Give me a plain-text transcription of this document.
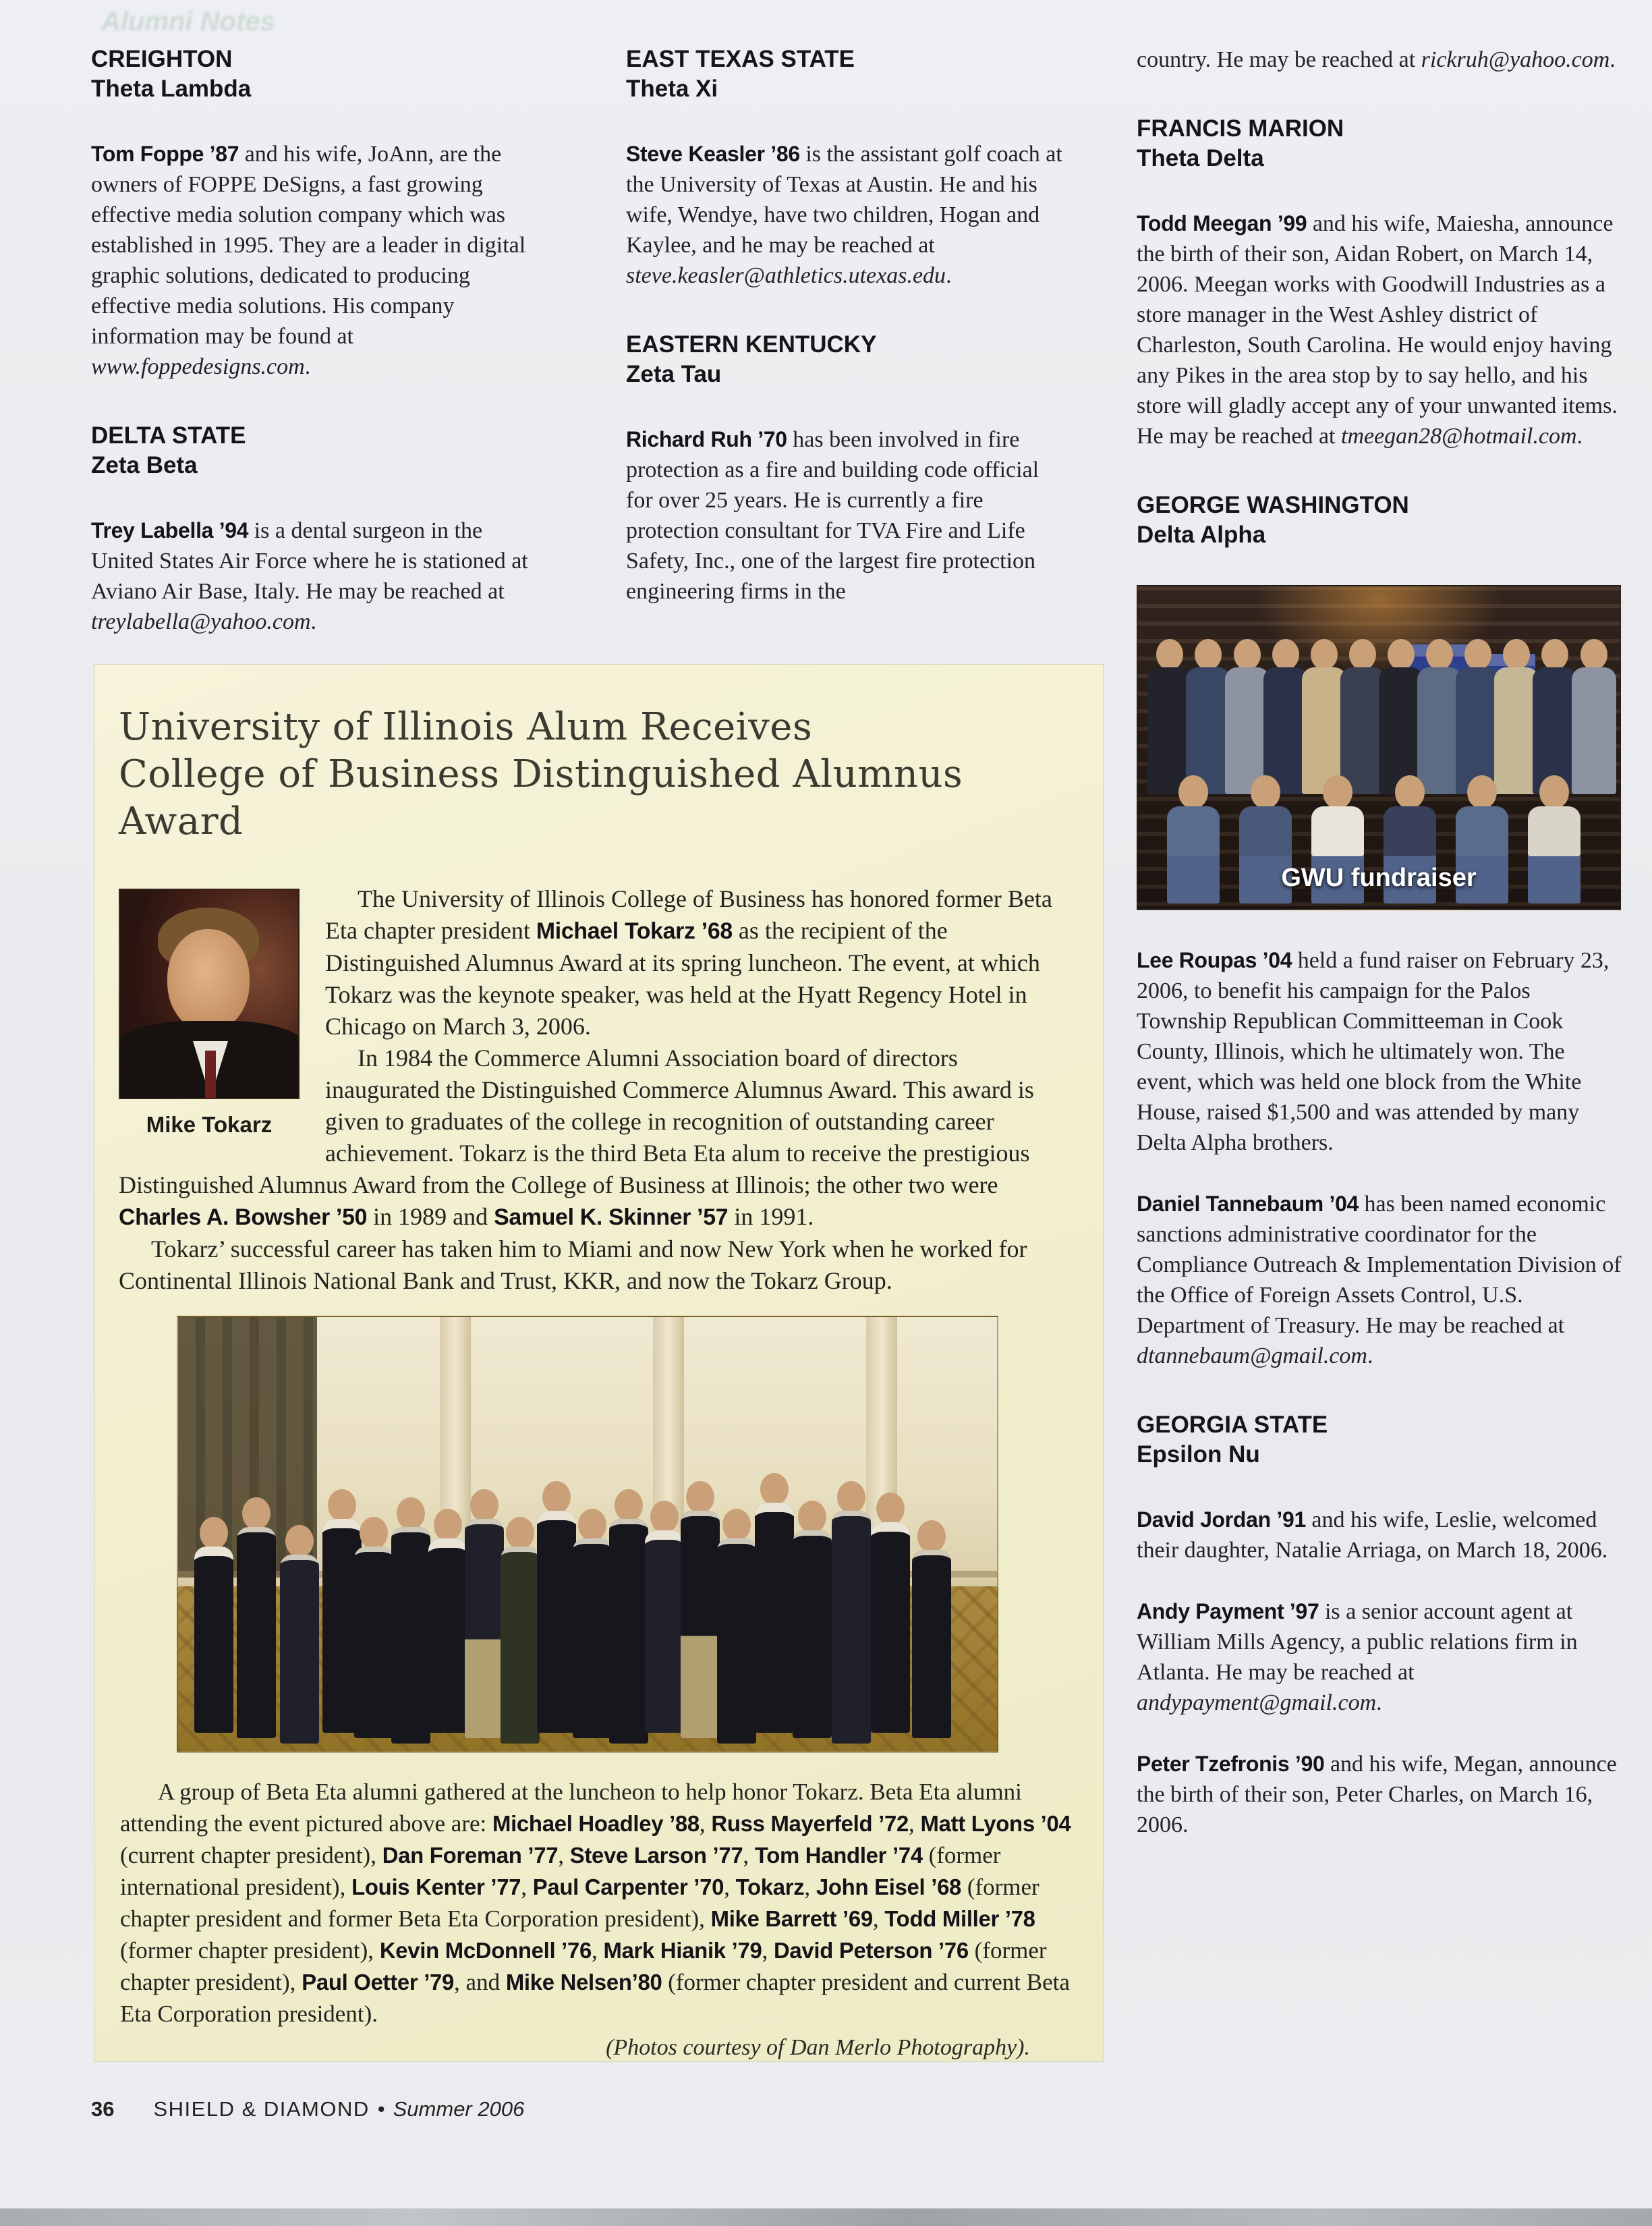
Alumni Notes
CREIGHTON
Theta Lambda

Tom Foppe ’87 and his wife, JoAnn, are the owners of FOPPE DeSigns, a fast growing effective media solution company which was established in 1995. They are a leader in digital graphic solutions, dedicated to producing effective media solutions. His company information may be found at www.foppedesigns.com.

DELTA STATE
Zeta Beta

Trey Labella ’94 is a dental surgeon in the United States Air Force where he is stationed at Aviano Air Base, Italy. He may be reached at treylabella@yahoo.com.

EAST TEXAS STATE
Theta Xi

Steve Keasler ’86 is the assistant golf coach at the University of Texas at Austin. He and his wife, Wendye, have two children, Hogan and Kaylee, and he may be reached at steve.keasler@athletics.utexas.edu.

EASTERN KENTUCKY
Zeta Tau

Richard Ruh ’70 has been involved in fire protection as a fire and building code official for over 25 years. He is currently a fire protection consultant for TVA Fire and Life Safety, Inc., one of the largest fire protection engineering firms in the

country. He may be reached at rickruh@yahoo.com.

FRANCIS MARION
Theta Delta

Todd Meegan ’99 and his wife, Maiesha, announce the birth of their son, Aidan Robert, on March 14, 2006. Meegan works with Goodwill Industries as a store manager in the West Ashley district of Charleston, South Carolina. He would enjoy having any Pikes in the area stop by to say hello, and his store will gladly accept any of your unwanted items. He may be reached at tmeegan28@hotmail.com.

GEORGE WASHINGTON
Delta Alpha
GWU fundraiser

Lee Roupas ’04 held a fund raiser on February 23, 2006, to benefit his campaign for the Palos Township Republican Committeeman in Cook County, Illinois, which he ultimately won. The event, which was held one block from the White House, raised $1,500 and was attended by many Delta Alpha brothers.

Daniel Tannebaum ’04 has been named economic sanctions administrative coordinator for the Compliance Outreach & Implementation Division of the Office of Foreign Assets Control, U.S. Department of Treasury. He may be reached at dtannebaum@gmail.com.

GEORGIA STATE
Epsilon Nu

David Jordan ’91 and his wife, Leslie, welcomed their daughter, Natalie Arriaga, on March 18, 2006.

Andy Payment ’97 is a senior account agent at William Mills Agency, a public relations firm in Atlanta. He may be reached at andypayment@gmail.com.

Peter Tzefronis ’90 and his wife, Megan, announce the birth of their son, Peter Charles, on March 16, 2006.

University of Illinois Alum Receives
College of Business Distinguished Alumnus Award
Mike Tokarz

The University of Illinois College of Business has honored former Beta Eta chapter president Michael Tokarz ’68 as the recipient of the Distinguished Alumnus Award at its spring luncheon. The event, at which Tokarz was the keynote speaker, was held at the Hyatt Regency Hotel in Chicago on March 3, 2006.

In 1984 the Commerce Alumni Association board of directors inaugurated the Distinguished Commerce Alumnus Award. This award is given to graduates of the college in recognition of outstanding career achievement. Tokarz is the third Beta Eta alum to receive the prestigious Distinguished Alumnus Award from the College of Business at Illinois; the other two were Charles A. Bowsher ’50 in 1989 and Samuel K. Skinner ’57 in 1991.

Tokarz’ successful career has taken him to Miami and now New York when he worked for Continental Illinois National Bank and Trust, KKR, and now the Tokarz Group.

A group of Beta Eta alumni gathered at the luncheon to help honor Tokarz. Beta Eta alumni attending the event pictured above are: Michael Hoadley ’88, Russ Mayerfeld ’72, Matt Lyons ’04 (current chapter president), Dan Foreman ’77, Steve Larson ’77, Tom Handler ’74 (former international president), Louis Kenter ’77, Paul Carpenter ’70, Tokarz, John Eisel ’68 (former chapter president and former Beta Eta Corporation president), Mike Barrett ’69, Todd Miller ’78 (former chapter president), Kevin McDonnell ’76, Mark Hianik ’79, David Peterson ’76 (former chapter president), Paul Oetter ’79, and Mike Nelsen’80 (former chapter president and current Beta Eta Corporation president).
(Photos courtesy of Dan Merlo Photography).
36 SHIELD & DIAMOND • Summer 2006
